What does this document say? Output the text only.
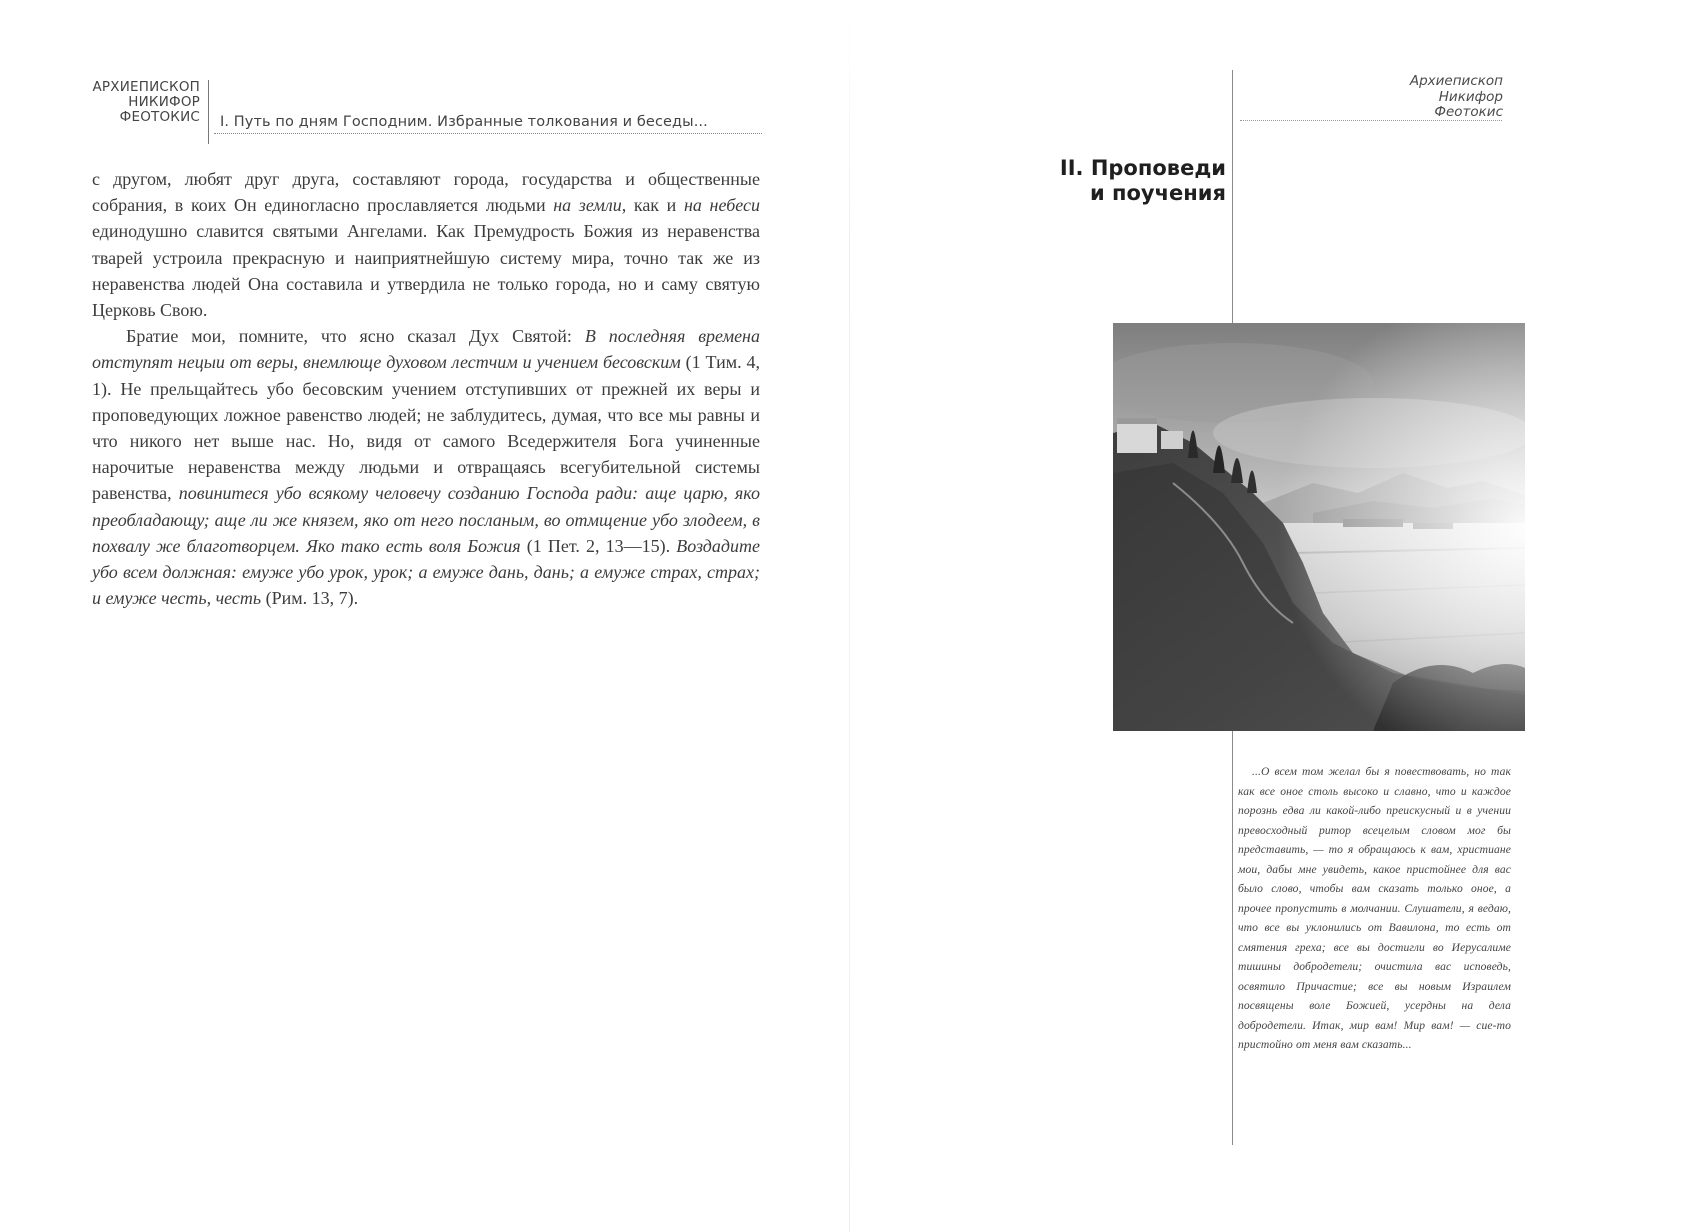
АРХИЕПИСКОП
НИКИФОР
ФЕОТОКИС I. Путь по дням Господним. Избранные толкования и беседы...

с другом, любят друг друга, составляют города, государства и общественные собрания, в коих Он единогласно прославляется людьми на земли, как и на небеси единодушно славится святыми Ангелами. Как Премудрость Божия из неравенства тварей устроила прекрасную и наиприятнейшую систему мира, точно так же из неравенства людей Она составила и утвердила не только города, но и саму святую Церковь Свою.

Братие мои, помните, что ясно сказал Дух Святой: В последняя времена отступят нецыи от веры, внемлюще духовом лестчим и учением бесовским (1 Тим. 4, 1). Не прельщайтесь убо бесовским учением отступивших от прежней их веры и проповедующих ложное равенство людей; не заблудитесь, думая, что все мы равны и что никого нет выше нас. Но, видя от самого Вседержителя Бога учиненные нарочитые неравенства между людьми и отвращаясь всегубительной системы равенства, повинитеся убо всякому человечу созданию Господа ради: аще царю, яко преобладающу; аще ли же князем, яко от него посланым, во отмщение убо злодеем, в похвалу же благотворцем. Яко тако есть воля Божия (1 Пет. 2, 13—15). Воздадите убо всем должная: емуже убо урок, урок; а емуже дань, дань; а емуже страх, страх; и емуже честь, честь (Рим. 13, 7).

Архиепископ
Никифор
Феотокис
II. Проповеди
и поучения

...О всем том желал бы я повествовать, но так как все оное столь высоко и славно, что и каждое порознь едва ли какой-либо преискусный и в учении превосходный ритор всецелым словом мог бы представить, — то я обращаюсь к вам, христиане мои, дабы мне увидеть, какое пристойнее для вас было слово, чтобы вам сказать только оное, а прочее пропустить в молчании. Слушатели, я ведаю, что все вы уклонились от Вавилона, то есть от смятения греха; все вы достигли во Иерусалиме тишины добродетели; очистила вас исповедь, освятило Причастие; все вы новым Израилем посвящены воле Божией, усердны на дела добродетели. Итак, мир вам! Мир вам! — сие-то пристойно от меня вам сказать...
